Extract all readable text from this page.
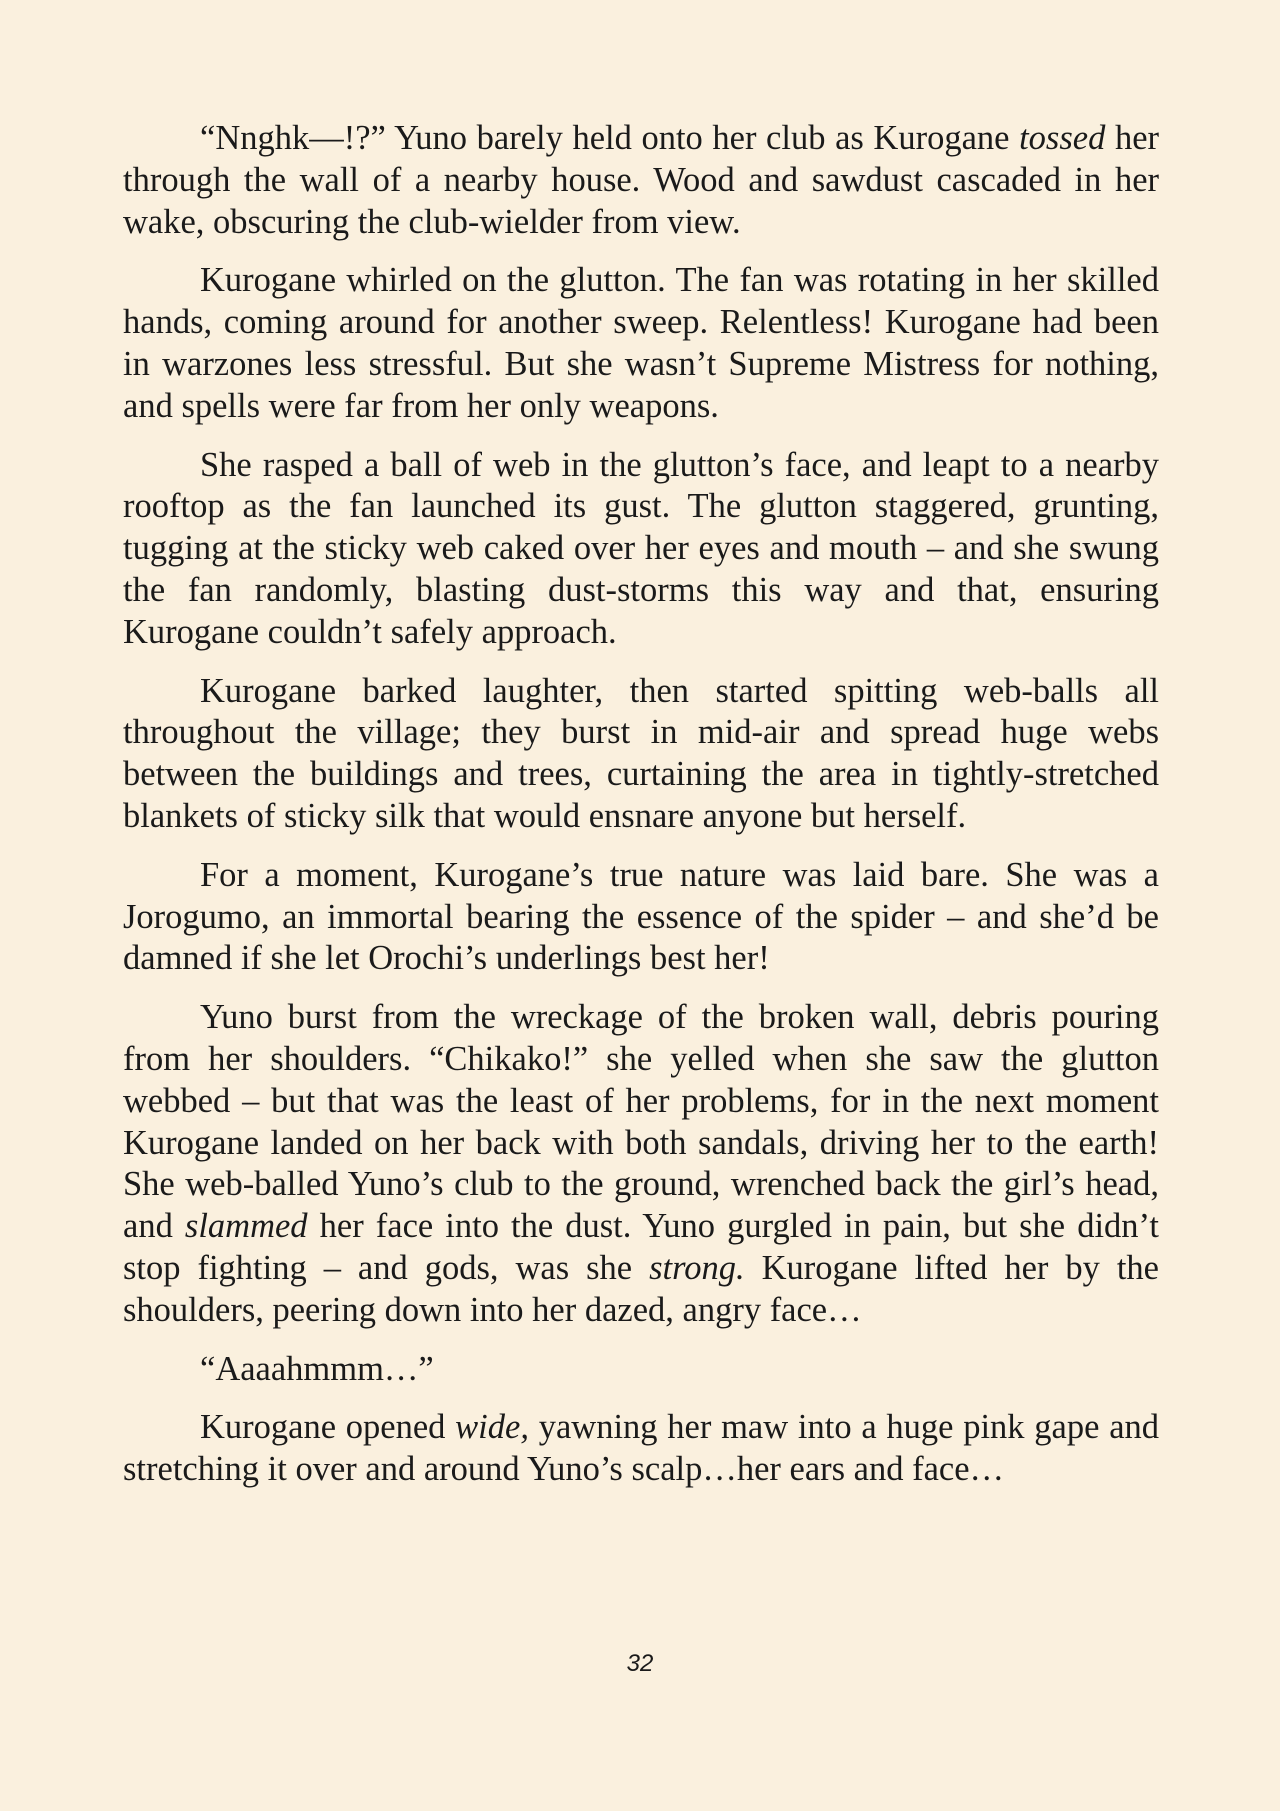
“Nnghk—!?” Yuno barely held onto her club as Kurogane tossed her through the wall of a nearby house. Wood and sawdust cascaded in her wake, obscuring the club-wielder from view.

Kurogane whirled on the glutton. The fan was rotating in her skilled hands, coming around for another sweep. Relentless! Kurogane had been in warzones less stressful. But she wasn’t Supreme Mistress for nothing, and spells were far from her only weapons.

She rasped a ball of web in the glutton’s face, and leapt to a nearby rooftop as the fan launched its gust. The glutton staggered, grunting, tugging at the sticky web caked over her eyes and mouth – and she swung the fan randomly, blasting dust-storms this way and that, ensuring Kurogane couldn’t safely approach.

Kurogane barked laughter, then started spitting web-balls all throughout the village; they burst in mid-air and spread huge webs between the buildings and trees, curtaining the area in tightly-stretched blankets of sticky silk that would ensnare anyone but herself.

For a moment, Kurogane’s true nature was laid bare. She was a Jorogumo, an immortal bearing the essence of the spider – and she’d be damned if she let Orochi’s underlings best her!

Yuno burst from the wreckage of the broken wall, debris pouring from her shoulders. “Chikako!” she yelled when she saw the glutton webbed – but that was the least of her problems, for in the next moment Kurogane landed on her back with both sandals, driving her to the earth! She web-balled Yuno’s club to the ground, wrenched back the girl’s head, and slammed her face into the dust. Yuno gurgled in pain, but she didn’t stop fighting – and gods, was she strong. Kurogane lifted her by the shoulders, peering down into her dazed, angry face…

“Aaaahmmm…”

Kurogane opened wide, yawning her maw into a huge pink gape and stretching it over and around Yuno’s scalp…her ears and face…

32
